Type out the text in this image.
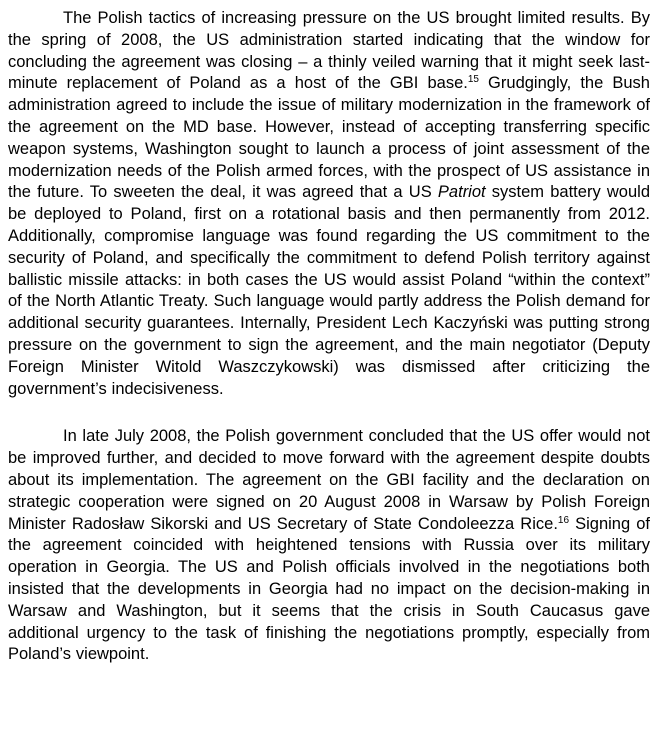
The Polish tactics of increasing pressure on the US brought limited results. By the spring of 2008, the US administration started indicating that the window for concluding the agreement was closing – a thinly veiled warning that it might seek last-minute replacement of Poland as a host of the GBI base.$^{15}$ Grudgingly, the Bush administration agreed to include the issue of military modernization in the framework of the agreement on the MD base. However, instead of accepting transferring specific weapon systems, Washington sought to launch a process of joint assessment of the modernization needs of the Polish armed forces, with the prospect of US assistance in the future. To sweeten the deal, it was agreed that a US Patriot system battery would be deployed to Poland, first on a rotational basis and then permanently from 2012. Additionally, compromise language was found regarding the US commitment to the security of Poland, and specifically the commitment to defend Polish territory against ballistic missile attacks: in both cases the US would assist Poland “within the context” of the North Atlantic Treaty. Such language would partly address the Polish demand for additional security guarantees. Internally, President Lech Kaczyński was putting strong pressure on the government to sign the agreement, and the main negotiator (Deputy Foreign Minister Witold Waszczykowski) was dismissed after criticizing the government’s indecisiveness.

In late July 2008, the Polish government concluded that the US offer would not be improved further, and decided to move forward with the agreement despite doubts about its implementation. The agreement on the GBI facility and the declaration on strategic cooperation were signed on 20 August 2008 in Warsaw by Polish Foreign Minister Radosław Sikorski and US Secretary of State Condoleezza Rice.$^{16}$ Signing of the agreement coincided with heightened tensions with Russia over its military operation in Georgia. The US and Polish officials involved in the negotiations both insisted that the developments in Georgia had no impact on the decision-making in Warsaw and Washington, but it seems that the crisis in South Caucasus gave additional urgency to the task of finishing the negotiations promptly, especially from Poland’s viewpoint.
